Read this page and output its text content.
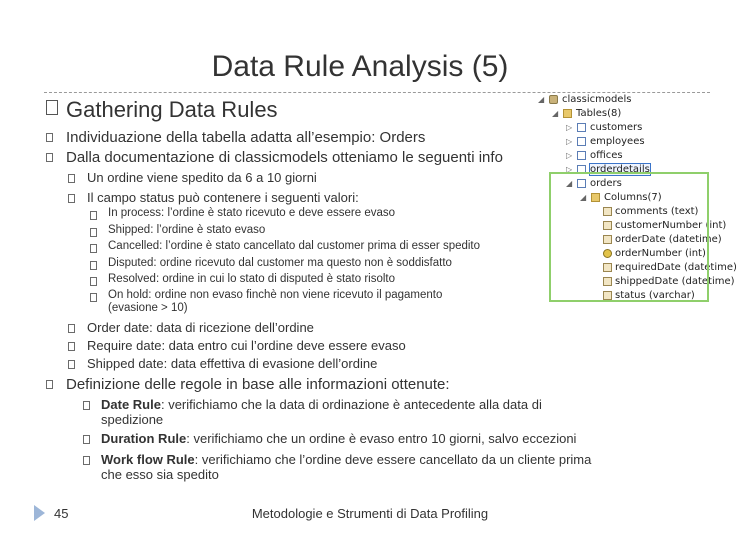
Data Rule Analysis (5)
Gathering Data Rules
Individuazione della tabella adatta all’esempio: Orders
Dalla documentazione di classicmodels otteniamo le seguenti info
Un ordine viene spedito da 6 a 10 giorni
Il campo status può contenere i seguenti valori:
In process: l’ordine è stato ricevuto e deve essere evaso
Shipped: l’ordine è stato evaso
Cancelled: l’ordine è stato cancellato dal customer prima di esser spedito
Disputed: ordine ricevuto dal customer ma questo non è soddisfatto
Resolved: ordine in cui lo stato di disputed è stato risolto
On hold: ordine non evaso finchè non viene ricevuto il pagamento
(evasione > 10)
Order date: data di ricezione dell’ordine
Require date: data entro cui l’ordine deve essere evaso
Shipped date: data effettiva di evasione dell’ordine
Definizione delle regole in base alle informazioni ottenute:
Date Rule: verifichiamo che la data di ordinazione è antecedente alla data di
spedizione
Duration Rule: verifichiamo che un ordine è evaso entro 10 giorni, salvo eccezioni
Work flow Rule: verifichiamo che l’ordine deve essere cancellato da un cliente prima
che esso sia spedito
◢ classicmodels
◢ Tables(8)
▷ customers
▷ employees
▷ offices
▷ orderdetails
◢ orders
◢ Columns(7)
comments (text)
customerNumber (int)
orderDate (datetime)
orderNumber (int)
requiredDate (datetime)
shippedDate (datetime)
status (varchar)
45	Metodologie e Strumenti di Data Profiling
